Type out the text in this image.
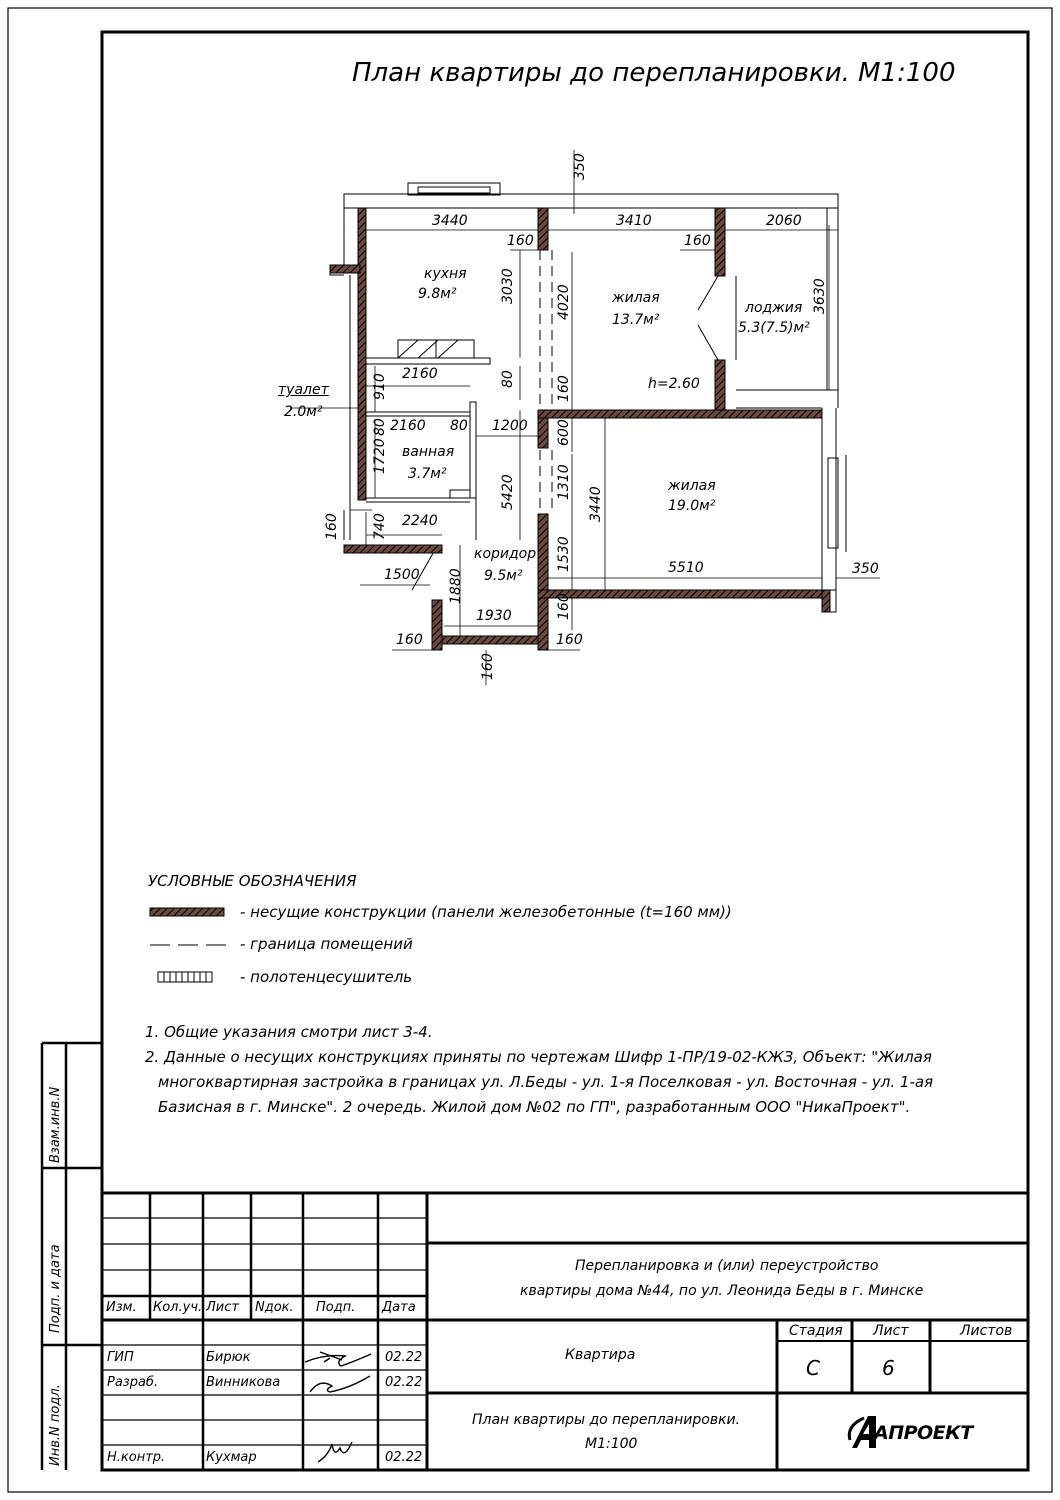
План квартиры до перепланировки. М1:100
кухня
9.8м²	жилая
13.7м²
лоджия
5.3(7.5)м²
туалет
2.0м²
ванная
3.7м²
коридор
9.5м²
жилая
19.0м²
h=2.60
3440	3410	2060
160	160
2160
2160 80 1200
2240
5510	350
1500
1930
160	160
350
3030	4020	3630
910	80	160
80	600
1720
1310
3440
5420
160 740
1530
1880
160
160
УСЛОВНЫЕ ОБОЗНАЧЕНИЯ
- несущие конструкции (панели железобетонные (t=160 мм))
- граница помещений
- полотенцесушитель
1. Общие указания смотри лист 3-4.
2. Данные о несущих конструкциях приняты по чертежам Шифр 1-ПР/19-02-КЖЗ, Объект: "Жилая
многоквартирная застройка в границах ул. Л.Беды - ул. 1-я Поселковая - ул. Восточная - ул. 1-ая
Базисная в г. Минске". 2 очередь. Жилой дом №02 по ГП", разработанным ООО "НикаПроект".
Взам.инв.N
Подп. и дата
Инв.N подл.
Изм. Кол.уч. Лист Nдок. Подп. Дата
ГИП	Бирюк	02.22
Разраб.	Винникова	02.22
Н.контр.	Кухмар	02.22
Перепланировка и (или) переустройство
квартиры дома №44, по ул. Леонида Беды в г. Минске
Квартира
Стадия Лист	Листов
С	6
План квартиры до перепланировки.
М1:100	АПРОЕКТ
